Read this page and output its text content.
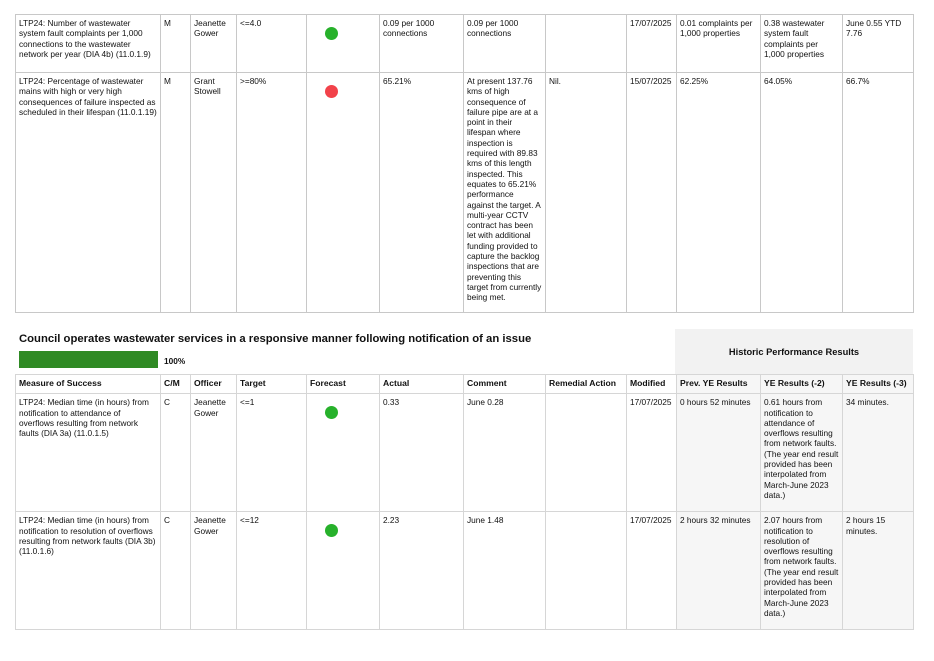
LTP24: Number of wastewater system fault complaints per 1,000 connections to the wastewater network per year (DIA 4b) (11.0.1.9)	M	Jeanette Gower	<=4.0		0.09 per 1000 connections	0.09 per 1000 connections		17/07/2025	0.01 complaints per 1,000 properties	0.38 wastewater system fault complaints per 1,000 properties	June 0.55 YTD 7.76
LTP24: Percentage of wastewater mains with high or very high consequences of failure inspected as scheduled in their lifespan (11.0.1.19)	M	Grant Stowell	>=80%		65.21%	At present 137.76 kms of high consequence of failure pipe are at a point in their lifespan where inspection is required with 89.83 kms of this length inspected. This equates to 65.21% performance against the target. A multi-year CCTV contract has been let with additional funding provided to capture the backlog inspections that are preventing this target from currently being met.	Nil.	15/07/2025	62.25%	64.05%	66.7%
Council operates wastewater services in a responsive manner following notification of an issue
100%
Historic Performance Results
Measure of Success	C/M	Officer	Target	Forecast	Actual	Comment	Remedial Action	Modified	Prev. YE Results	YE Results (-2)	YE Results (-3)
LTP24: Median time (in hours) from notification to attendance of overflows resulting from network faults (DIA 3a) (11.0.1.5)	C	Jeanette Gower	<=1		0.33	June 0.28		17/07/2025	0 hours 52 minutes	0.61 hours from notification to attendance of overflows resulting from network faults. (The year end result provided has been interpolated from March-June 2023 data.)	34 minutes.
LTP24: Median time (in hours) from notification to resolution of overflows resulting from network faults (DIA 3b) (11.0.1.6)	C	Jeanette Gower	<=12		2.23	June 1.48		17/07/2025	2 hours 32 minutes	2.07 hours from notification to resolution of overflows resulting from network faults. (The year end result provided has been interpolated from March-June 2023 data.)	2 hours 15 minutes.
